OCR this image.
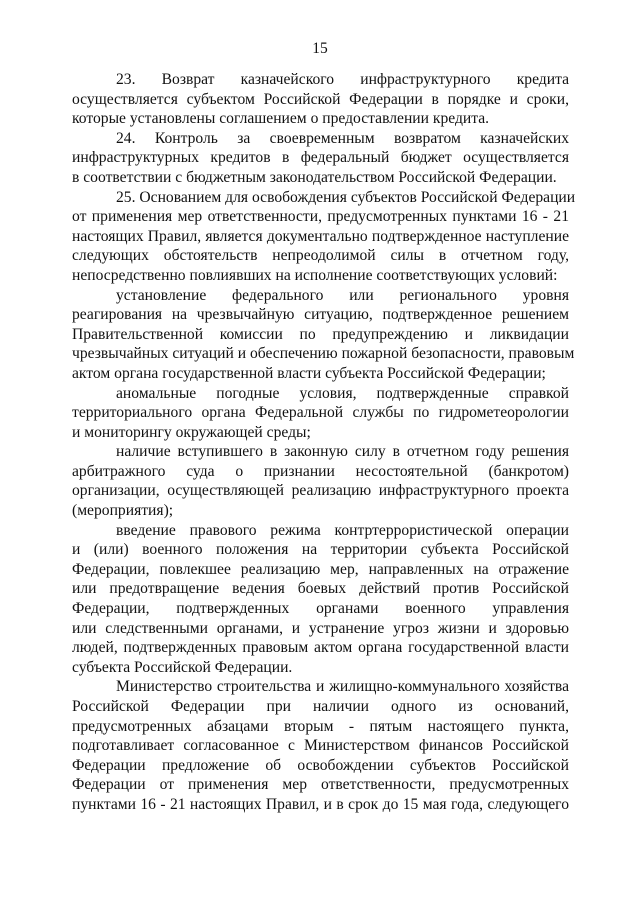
15
23. Возврат казначейского инфраструктурного кредита
осуществляется субъектом Российской Федерации в порядке и сроки,
которые установлены соглашением о предоставлении кредита.
24. Контроль за своевременным возвратом казначейских
инфраструктурных кредитов в федеральный бюджет осуществляется
в соответствии с бюджетным законодательством Российской Федерации.
25. Основанием для освобождения субъектов Российской Федерации
от применения мер ответственности, предусмотренных пунктами 16 - 21
настоящих Правил, является документально подтвержденное наступление
следующих обстоятельств непреодолимой силы в отчетном году,
непосредственно повлиявших на исполнение соответствующих условий:
установление федерального или регионального уровня
реагирования на чрезвычайную ситуацию, подтвержденное решением
Правительственной комиссии по предупреждению и ликвидации
чрезвычайных ситуаций и обеспечению пожарной безопасности, правовым
актом органа государственной власти субъекта Российской Федерации;
аномальные погодные условия, подтвержденные справкой
территориального органа Федеральной службы по гидрометеорологии
и мониторингу окружающей среды;
наличие вступившего в законную силу в отчетном году решения
арбитражного суда о признании несостоятельной (банкротом)
организации, осуществляющей реализацию инфраструктурного проекта
(мероприятия);
введение правового режима контртеррористической операции
и (или) военного положения на территории субъекта Российской
Федерации, повлекшее реализацию мер, направленных на отражение
или предотвращение ведения боевых действий против Российской
Федерации, подтвержденных органами военного управления
или следственными органами, и устранение угроз жизни и здоровью
людей, подтвержденных правовым актом органа государственной власти
субъекта Российской Федерации.
Министерство строительства и жилищно-коммунального хозяйства
Российской Федерации при наличии одного из оснований,
предусмотренных абзацами вторым - пятым настоящего пункта,
подготавливает согласованное с Министерством финансов Российской
Федерации предложение об освобождении субъектов Российской
Федерации от применения мер ответственности, предусмотренных
пунктами 16 - 21 настоящих Правил, и в срок до 15 мая года, следующего
